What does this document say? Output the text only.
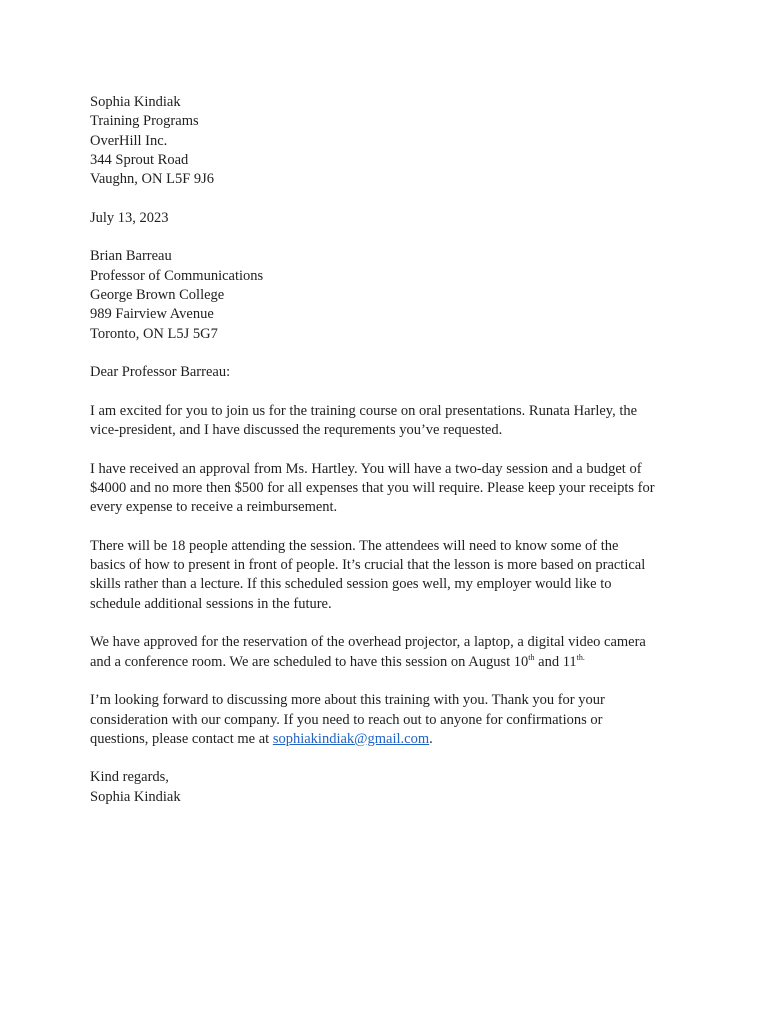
Sophia Kindiak
Training Programs
OverHill Inc.
344 Sprout Road
Vaughn, ON L5F 9J6
July 13, 2023
Brian Barreau
Professor of Communications
George Brown College
989 Fairview Avenue
Toronto, ON L5J 5G7
Dear Professor Barreau:
I am excited for you to join us for the training course on oral presentations. Runata Harley, the
vice-president, and I have discussed the requrements you’ve requested.
I have received an approval from Ms. Hartley. You will have a two-day session and a budget of
$4000 and no more then $500 for all expenses that you will require. Please keep your receipts for
every expense to receive a reimbursement.
There will be 18 people attending the session. The attendees will need to know some of the
basics of how to present in front of people. It’s crucial that the lesson is more based on practical
skills rather than a lecture. If this scheduled session goes well, my employer would like to
schedule additional sessions in the future.
We have approved for the reservation of the overhead projector, a laptop, a digital video camera
and a conference room. We are scheduled to have this session on August 10th and $11^{th.}$
I’m looking forward to discussing more about this training with you. Thank you for your
consideration with our company. If you need to reach out to anyone for confirmations or
questions, please contact me at sophiakindiak@gmail.com.
Kind regards,
Sophia Kindiak
